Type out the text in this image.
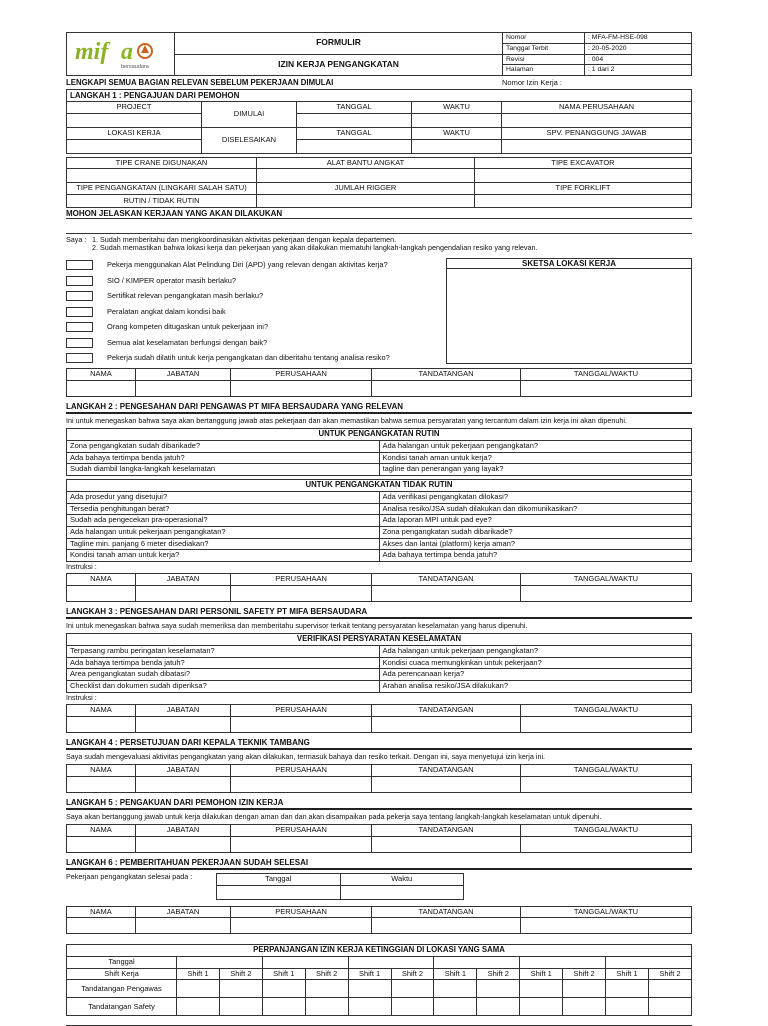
mif a
bersaudara	FORMULIR	Nomor	: MFA-FM-HSE-098
		Tanggal Terbit	: 20-05-2020
	IZIN KERJA PENGANGKATAN	Revisi	: 004
		Halaman	: 1 dari 2
LENGKAPI SEMUA BAGIAN RELEVAN SEBELUM PEKERJAAN DIMULAI	Nomor Izin Kerja :
LANGKAH 1 : PENGAJUAN DARI PEMOHON				
PROJECT	DIMULAI	TANGGAL	WAKTU	NAMA PERUSAHAAN

LOKASI KERJA	DISELESAIKAN	TANGGAL	WAKTU	SPV. PENANGGUNG JAWAB

TIPE CRANE DIGUNAKAN	ALAT BANTU ANGKAT	TIPE EXCAVATOR

TIPE PENGANGKATAN (LINGKARI SALAH SATU)	JUMLAH RIGGER	TIPE FORKLIFT
RUTIN / TIDAK RUTIN		
MOHON JELASKAN KERJAAN YANG AKAN DILAKUKAN
Saya : 1. Sudah memberitahu dan mengkoordinasikan aktivitas pekerjaan dengan kepala departemen.
2. Sudah memastikan bahwa lokasi kerja dan pekerjaan yang akan dilakukan mematuhi langkah-langkah pengendalian resiko yang relevan.
Pekerja menggunakan Alat Pelindung Diri (APD) yang relevan dengan aktivitas kerja?
SIO / KIMPER operator masih berlaku?
Sertifikat relevan pengangkatan masih berlaku?
Peralatan angkat dalam kondisi baik
Orang kompeten ditugaskan untuk pekerjaan ini?
Semua alat keselamatan berfungsi dengan baik?
Pekerja sudah dilatih untuk kerja pengangkatan dan diberitahu tentang analisa resiko?
SKETSA LOKASI KERJA
NAMA	JABATAN	PERUSAHAAN	TANDATANGAN	TANGGAL/WAKTU

LANGKAH 2 : PENGESAHAN DARI PENGAWAS PT MIFA BERSAUDARA YANG RELEVAN
Ini untuk menegaskan bahwa saya akan bertanggung jawab atas pekerjaan dan akan memastikan bahwa semua persyaratan yang tercantum dalam izin kerja ini akan dipenuhi.
UNTUK PENGANGKATAN RUTIN	
Zona pengangkatan sudah dibarikade?	Ada halangan untuk pekerjaan pengangkatan?
Ada bahaya tertimpa benda jatuh?	Kondisi tanah aman untuk kerja?
Sudah diambil langka-langkah keselamatan	tagline dan penerangan yang layak?
UNTUK PENGANGKATAN TIDAK RUTIN	
Ada prosedur yang disetujui?	Ada verifikasi pengangkatan dilokasi?
Tersedia penghitungan berat?	Analisa resiko/JSA sudah dilakukan dan dikomunikasikan?
Sudah ada pengecekan pra-operasional?	Ada laporan MPI untuk pad eye?
Ada halangan untuk pekerjaan pengangkatan?	Zona pengangkatan sudah dibarikade?
Tagline min. panjang 6 meter disediakan?	Akses dan lantai (platform) kerja aman?
Kondisi tanah aman untuk kerja?	Ada bahaya tertimpa benda jatuh?
Instruksi :
NAMA	JABATAN	PERUSAHAAN	TANDATANGAN	TANGGAL/WAKTU

LANGKAH 3 : PENGESAHAN DARI PERSONIL SAFETY PT MIFA BERSAUDARA
Ini untuk menegaskan bahwa saya sudah memeriksa dan memberitahu supervisor terkait tentang persyaratan keselamatan yang harus dipenuhi.
VERIFIKASI PERSYARATAN KESELAMATAN	
Terpasang rambu peringatan keselamatan?	Ada halangan untuk pekerjaan pengangkatan?
Ada bahaya tertimpa benda jatuh?	Kondisi cuaca memungkinkan untuk pekerjaan?
Area pengangkatan sudah dibatasi?	Ada perencanaan kerja?
Checklist dan dokumen sudah diperiksa?	Arahan analisa resiko/JSA dilakukan?
Instruksi :
NAMA	JABATAN	PERUSAHAAN	TANDATANGAN	TANGGAL/WAKTU

LANGKAH 4 : PERSETUJUAN DARI KEPALA TEKNIK TAMBANG
Saya sudah mengevaluasi aktivitas pengangkatan yang akan dilakukan, termasuk bahaya dan resiko terkait. Dengan ini, saya menyetujui izin kerja ini.
NAMA	JABATAN	PERUSAHAAN	TANDATANGAN	TANGGAL/WAKTU

LANGKAH 5 : PENGAKUAN DARI PEMOHON IZIN KERJA
Saya akan bertanggung jawab untuk kerja dilakukan dengan aman dan dan akan disampaikan pada pekerja saya tentang langkah-langkah keselamatan untuk dipenuhi.
NAMA	JABATAN	PERUSAHAAN	TANDATANGAN	TANGGAL/WAKTU

LANGKAH 6 : PEMBERITAHUAN PEKERJAAN SUDAH SELESAI
Pekerjaan pengangkatan selesai pada :	Tanggal	Waktu

NAMA	JABATAN	PERUSAHAAN	TANDATANGAN	TANGGAL/WAKTU

PERPANJANGAN IZIN KERJA KETINGGIAN DI LOKASI YANG SAMA												
Tanggal												
Shift Kerja	Shift 1	Shift 2	Shift 1	Shift 2	Shift 1	Shift 2	Shift 1	Shift 2	Shift 1	Shift 2	Shift 1	Shift 2
Tandatangan Pengawas												
Tandatangan Safety												
